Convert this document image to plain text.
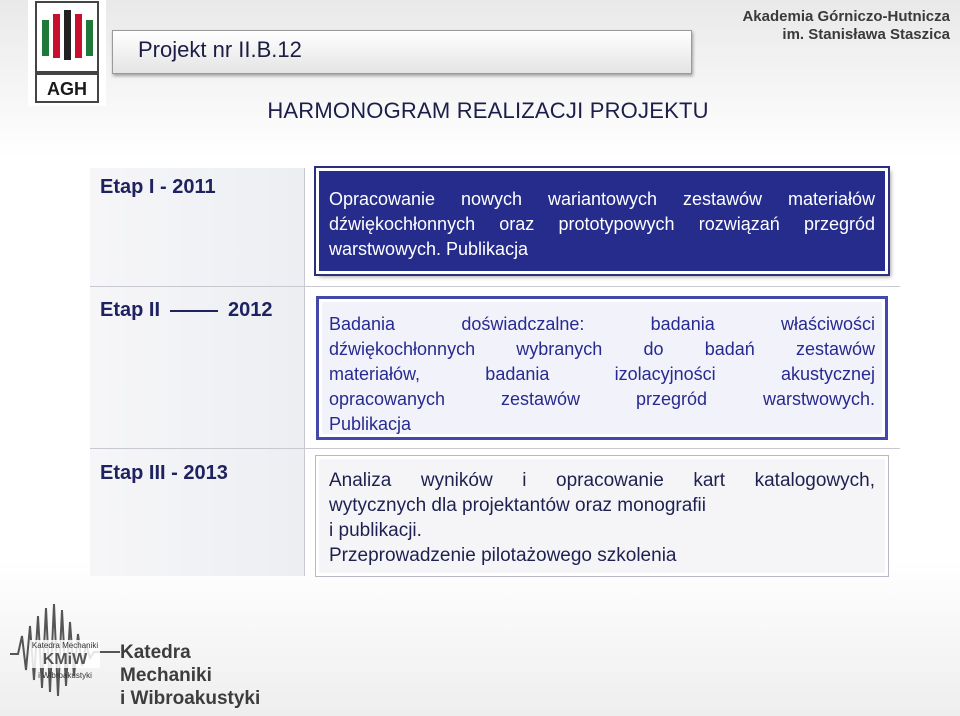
AGH
Projekt nr II.B.12
Akademia Górniczo-Hutnicza
im. Stanisława Staszica
HARMONOGRAM REALIZACJI PROJEKTU
Etap I - 2011
Etap II	2012
Etap III - 2013
Opracowanie nowych wariantowych zestawów materiałów
dźwiękochłonnych oraz prototypowych rozwiązań przegród
warstwowych. Publikacja
Badania doświadczalne: badania właściwości
dźwiękochłonnych wybranych do badań zestawów
materiałów, badania izolacyjności akustycznej
opracowanych zestawów przegród warstwowych.
Publikacja
Analiza wyników i opracowanie kart katalogowych,
wytycznych dla projektantów oraz monografii
i publikacji.
Przeprowadzenie pilotażowego szkolenia
Katedra Mechaniki
KMiW
i Wibroakustyki
Katedra
Mechaniki
i Wibroakustyki
